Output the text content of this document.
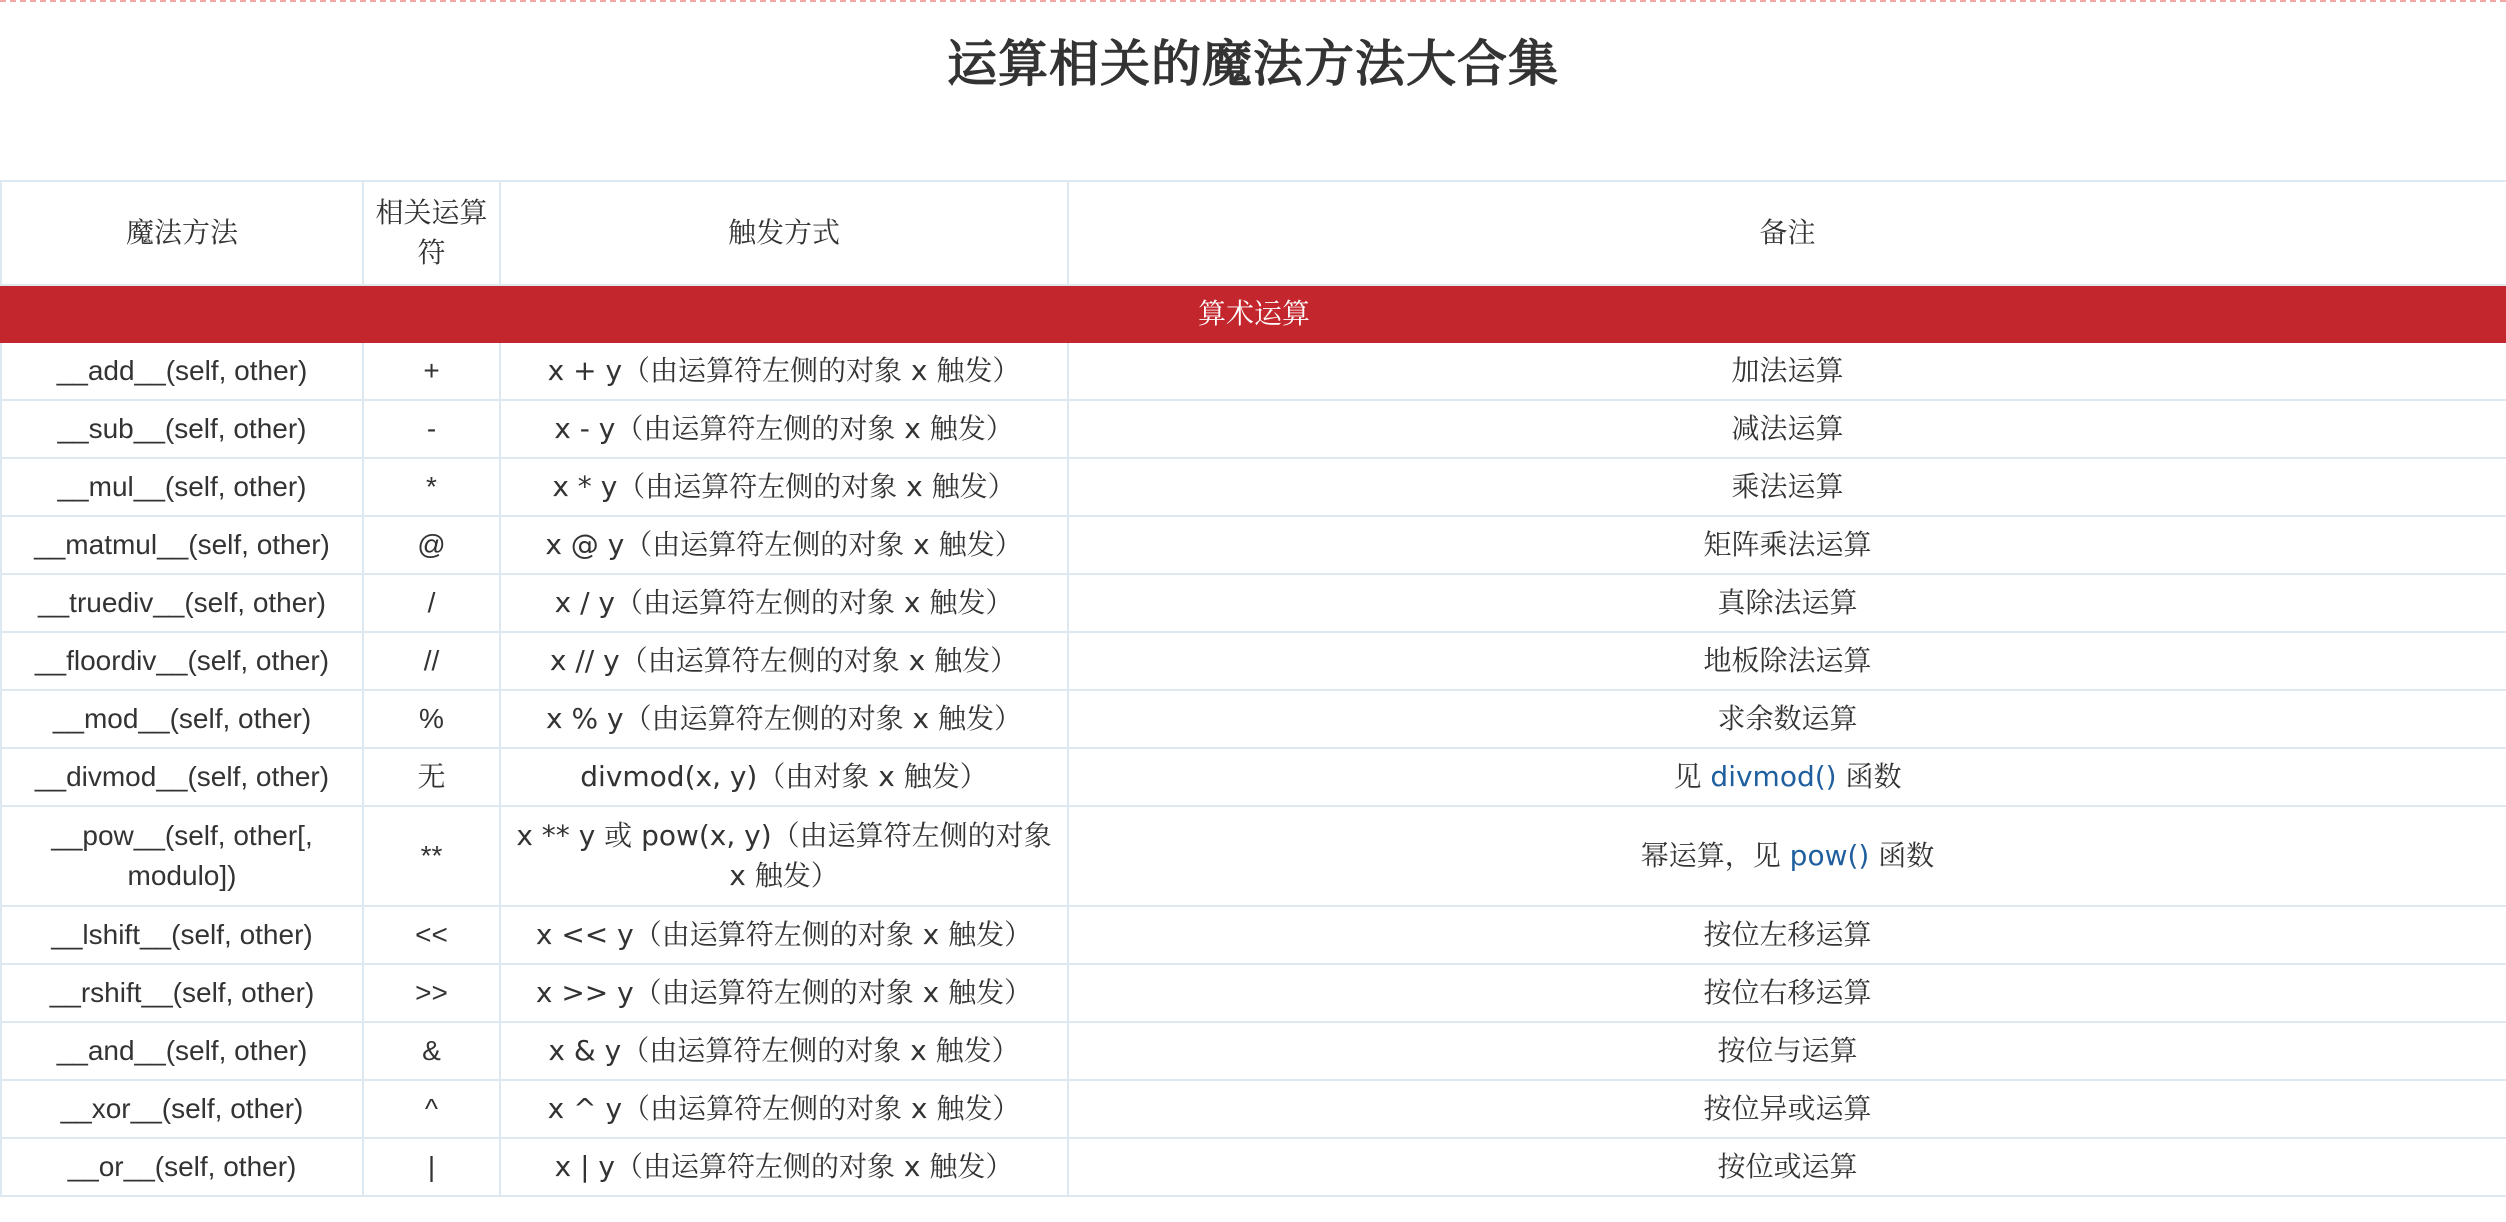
运算相关的魔法方法大合集
魔法方法	相关运算符	触发方式	备注
算术运算			
__add__(self, other)	+	x + y（由运算符左侧的对象 x 触发）	加法运算
__sub__(self, other)	-	x - y（由运算符左侧的对象 x 触发）	减法运算
__mul__(self, other)	*	x * y（由运算符左侧的对象 x 触发）	乘法运算
__matmul__(self, other)	@	x @ y（由运算符左侧的对象 x 触发）	矩阵乘法运算
__truediv__(self, other)	/	x / y（由运算符左侧的对象 x 触发）	真除法运算
__floordiv__(self, other)	//	x // y（由运算符左侧的对象 x 触发）	地板除法运算
__mod__(self, other)	%	x % y（由运算符左侧的对象 x 触发）	求余数运算
__divmod__(self, other)	无	divmod(x, y)（由对象 x 触发）	见 divmod() 函数
__pow__(self, other[, modulo])	**	x ** y 或 pow(x, y)（由运算符左侧的对象 x 触发）	幂运算，见 pow() 函数
__lshift__(self, other)	<<	x << y（由运算符左侧的对象 x 触发）	按位左移运算
__rshift__(self, other)	>>	x >> y（由运算符左侧的对象 x 触发）	按位右移运算
__and__(self, other)	&	x & y（由运算符左侧的对象 x 触发）	按位与运算
__xor__(self, other)	^	x ^ y（由运算符左侧的对象 x 触发）	按位异或运算
__or__(self, other)	|	x | y（由运算符左侧的对象 x 触发）	按位或运算
